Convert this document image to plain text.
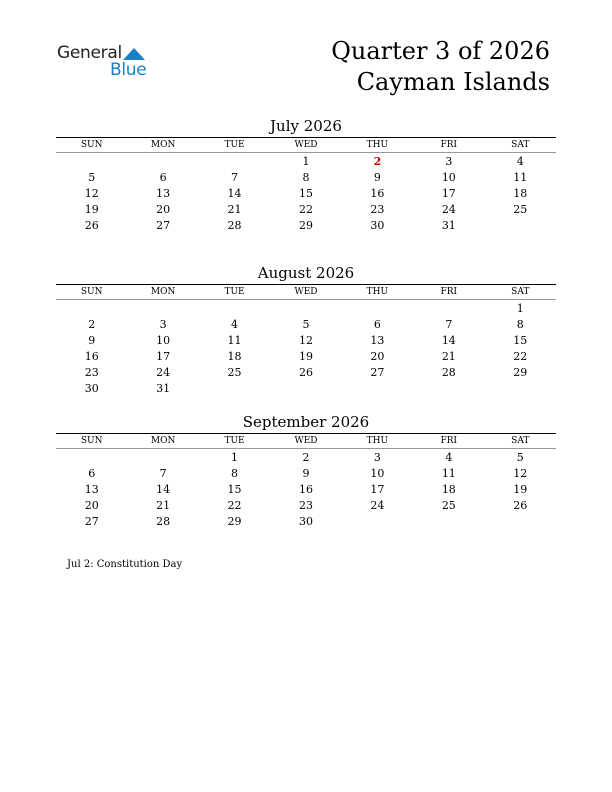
General
Blue
Quarter 3 of 2026
Cayman Islands
July 2026
SUN	MON	TUE	WED	THU	FRI	SAT
			1	2	3	4
5	6	7	8	9	10	11
12	13	14	15	16	17	18
19	20	21	22	23	24	25
26	27	28	29	30	31	
August 2026
SUN	MON	TUE	WED	THU	FRI	SAT
						1
2	3	4	5	6	7	8
9	10	11	12	13	14	15
16	17	18	19	20	21	22
23	24	25	26	27	28	29
30	31					
September 2026
SUN	MON	TUE	WED	THU	FRI	SAT
		1	2	3	4	5
6	7	8	9	10	11	12
13	14	15	16	17	18	19
20	21	22	23	24	25	26
27	28	29	30			
Jul 2: Constitution Day
